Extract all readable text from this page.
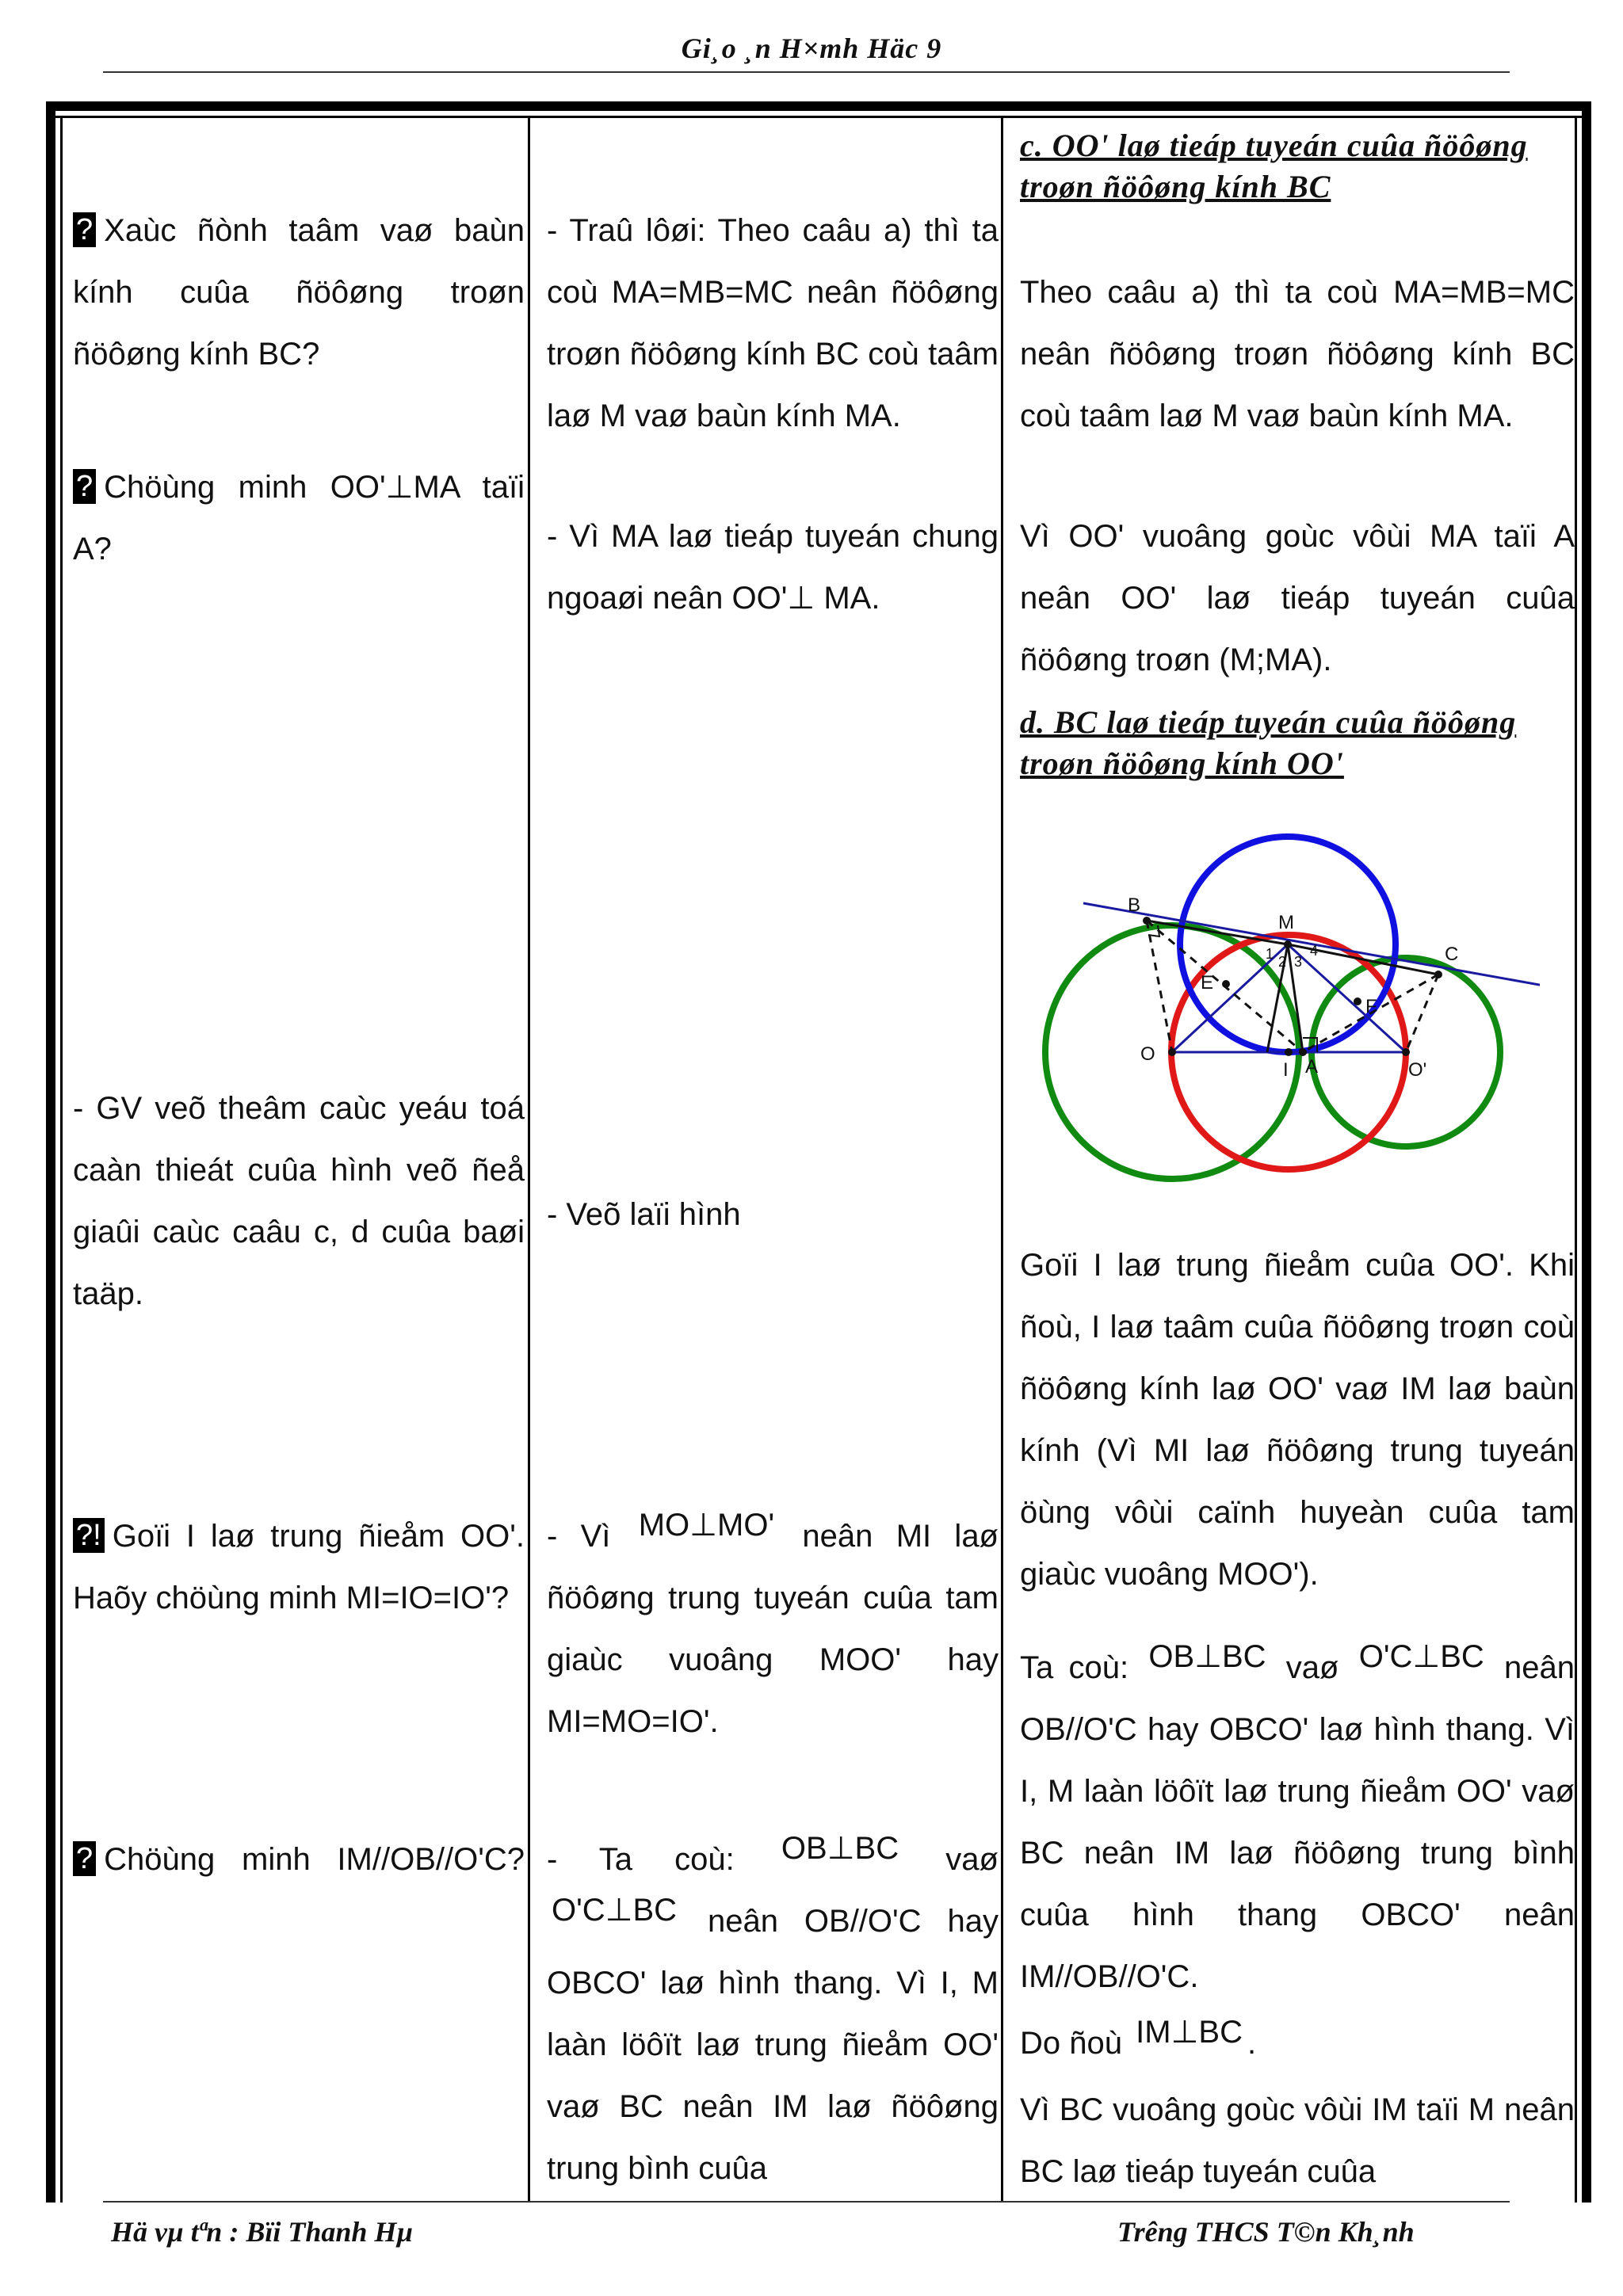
Gi¸o ¸n H×mh Häc 9

? Xaùc ñònh taâm vaø baùn kính cuûa ñöôøng troøn ñöôøng kính BC?

? Chöùng minh OO'⊥MA taïi A?

- GV veõ theâm caùc yeáu toá caàn thieát cuûa hình veõ ñeå giaûi caùc caâu c, d cuûa baøi taäp.

?! Goïi I laø trung ñieåm OO'. Haõy chöùng minh MI=IO=IO'?

? Chöùng minh IM//OB//O'C?

- Traû lôøi: Theo caâu a) thì ta coù MA=MB=MC neân ñöôøng troøn ñöôøng kính BC coù taâm laø M vaø baùn kính MA.

- Vì MA laø tieáp tuyeán chung ngoaøi neân OO'⊥ MA.

- Veõ laïi hình

- Vì MO⊥MO' neân MI laø ñöôøng trung tuyeán cuûa tam giaùc vuoâng MOO' hay MI=MO=IO'.

- Ta coù: OB⊥BC vaø O'C⊥BC neân OB//O'C hay OBCO' laø hình thang. Vì I, M laàn löôït laø trung ñieåm OO' vaø BC neân IM laø ñöôøng trung bình cuûa

c. OO' laø tieáp tuyeán cuûa ñöôøng troøn ñöôøng kính BC

Theo caâu a) thì ta coù MA=MB=MC neân ñöôøng troøn ñöôøng kính BC coù taâm laø M vaø baùn kính MA.

Vì OO' vuoâng goùc vôùi MA taïi A neân OO' laø tieáp tuyeán cuûa ñöôøng troøn (M;MA).

d. BC laø tieáp tuyeán cuûa ñöôøng troøn ñöôøng kính OO'

Goïi I laø trung ñieåm cuûa OO'. Khi ñoù, I laø taâm cuûa ñöôøng troøn coù ñöôøng kính laø OO' vaø IM laø baùn kính (Vì MI laø ñöôøng trung tuyeán öùng vôùi caïnh huyeàn cuûa tam giaùc vuoâng MOO').

Ta coù: OB⊥BC vaø O'C⊥BC neân OB//O'C hay OBCO' laø hình thang. Vì I, M laàn löôït laø trung ñieåm OO' vaø BC neân IM laø ñöôøng trung bình cuûa hình thang OBCO' neân IM//OB//O'C.

Do ñoù IM⊥BC .

Vì BC vuoâng goùc vôùi IM taïi M neân BC laø tieáp tuyeán cuûa

B
M
C
E
F
O
I A	O'
1 2 3
4
Hä vµ tªn : Bïi Thanh Hµ	Trêng THCS T©n Kh¸nh
